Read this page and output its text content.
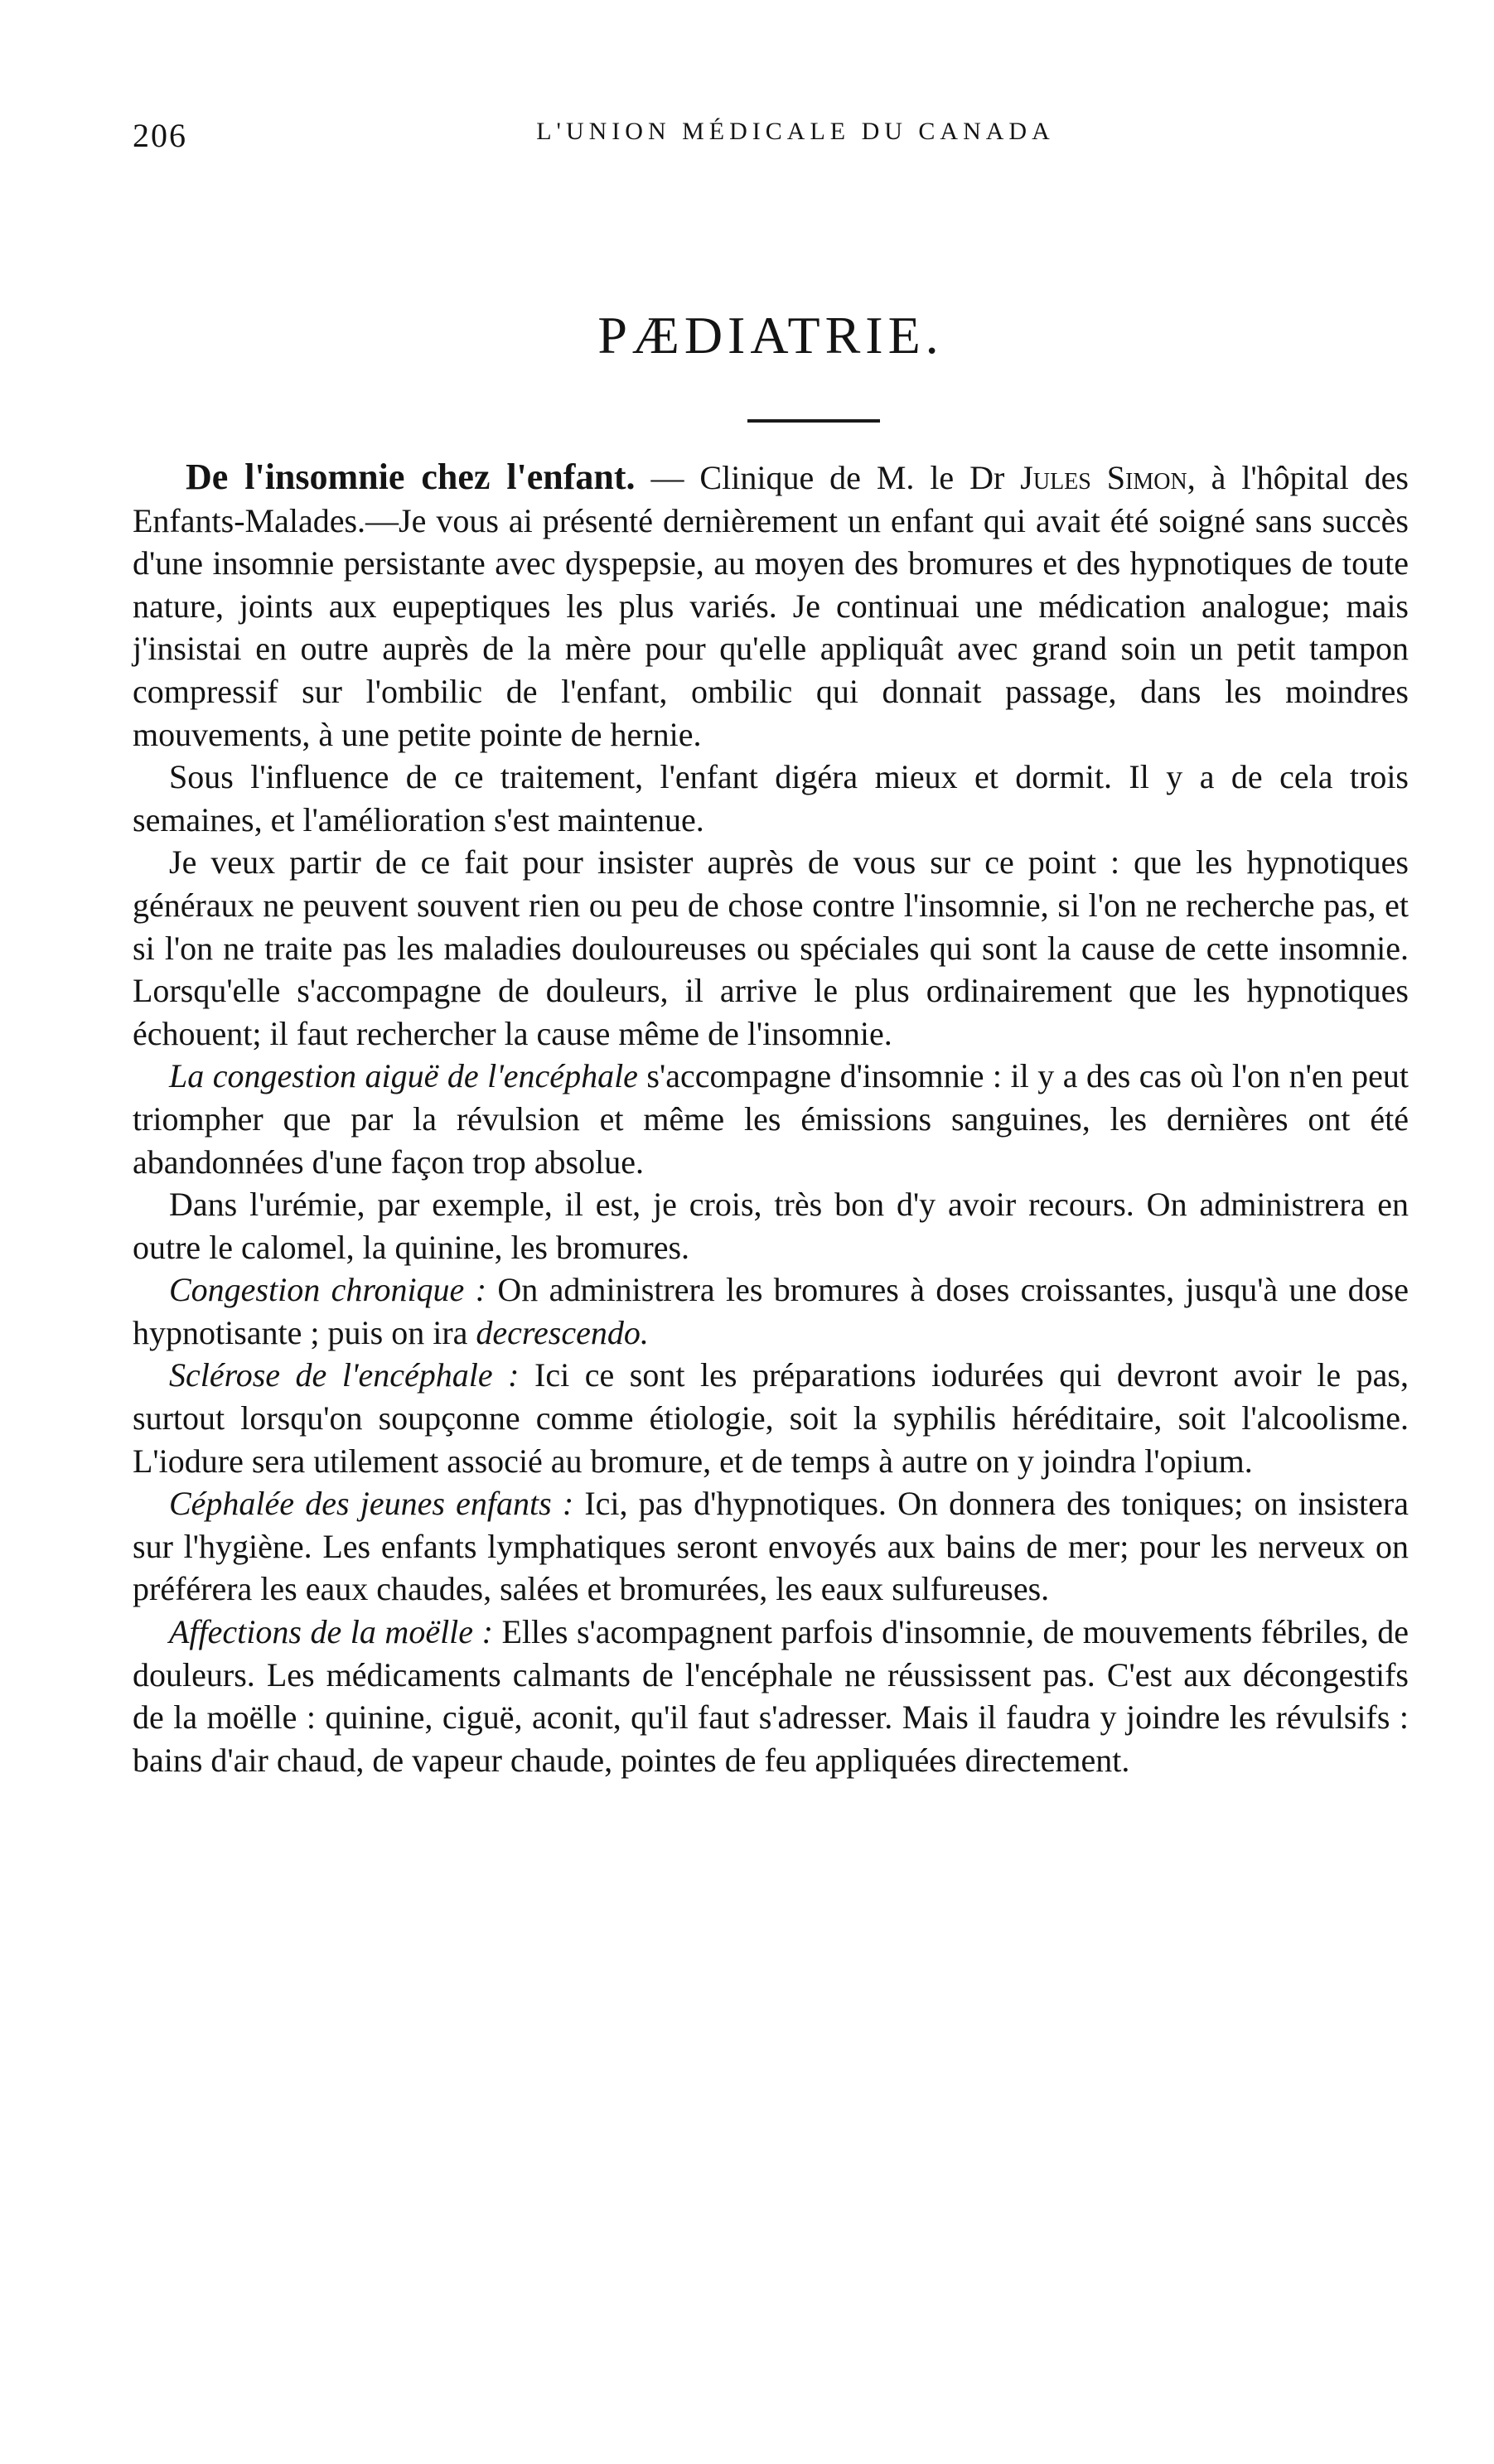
206	L'UNION MÉDICALE DU CANADA
PÆDIATRIE.

De l'insomnie chez l'enfant. — Clinique de M. le Dr Jules Simon, à l'hôpital des Enfants-Malades.—Je vous ai présenté dernièrement un enfant qui avait été soigné sans succès d'une insomnie persistante avec dyspepsie, au moyen des bromures et des hypnotiques de toute nature, joints aux eupeptiques les plus variés. Je continuai une médication analogue; mais j'insistai en outre auprès de la mère pour qu'elle appliquât avec grand soin un petit tampon compressif sur l'ombilic de l'enfant, ombilic qui donnait passage, dans les moindres mouvements, à une petite pointe de hernie.

Sous l'influence de ce traitement, l'enfant digéra mieux et dormit. Il y a de cela trois semaines, et l'amélioration s'est maintenue.

Je veux partir de ce fait pour insister auprès de vous sur ce point : que les hypnotiques généraux ne peuvent souvent rien ou peu de chose contre l'insomnie, si l'on ne recherche pas, et si l'on ne traite pas les maladies douloureuses ou spéciales qui sont la cause de cette insomnie. Lorsqu'elle s'accompagne de douleurs, il arrive le plus ordinairement que les hypnotiques échouent; il faut rechercher la cause même de l'insomnie.

La congestion aiguë de l'encéphale s'accompagne d'insomnie : il y a des cas où l'on n'en peut triompher que par la révulsion et même les émissions sanguines, les dernières ont été abandonnées d'une façon trop absolue.

Dans l'urémie, par exemple, il est, je crois, très bon d'y avoir recours. On administrera en outre le calomel, la quinine, les bromures.

Congestion chronique : On administrera les bromures à doses croissantes, jusqu'à une dose hypnotisante ; puis on ira decrescendo.

Sclérose de l'encéphale : Ici ce sont les préparations iodurées qui devront avoir le pas, surtout lorsqu'on soupçonne comme étiologie, soit la syphilis héréditaire, soit l'alcoolisme. L'iodure sera utilement associé au bromure, et de temps à autre on y joindra l'opium.

Céphalée des jeunes enfants : Ici, pas d'hypnotiques. On donnera des toniques; on insistera sur l'hygiène. Les enfants lymphatiques seront envoyés aux bains de mer; pour les nerveux on préférera les eaux chaudes, salées et bromurées, les eaux sulfureuses.

Affections de la moëlle : Elles s'acompagnent parfois d'insomnie, de mouvements fébriles, de douleurs. Les médicaments calmants de l'encéphale ne réussissent pas. C'est aux décongestifs de la moëlle : quinine, ciguë, aconit, qu'il faut s'adresser. Mais il faudra y joindre les révulsifs : bains d'air chaud, de vapeur chaude, pointes de feu appliquées directement.
